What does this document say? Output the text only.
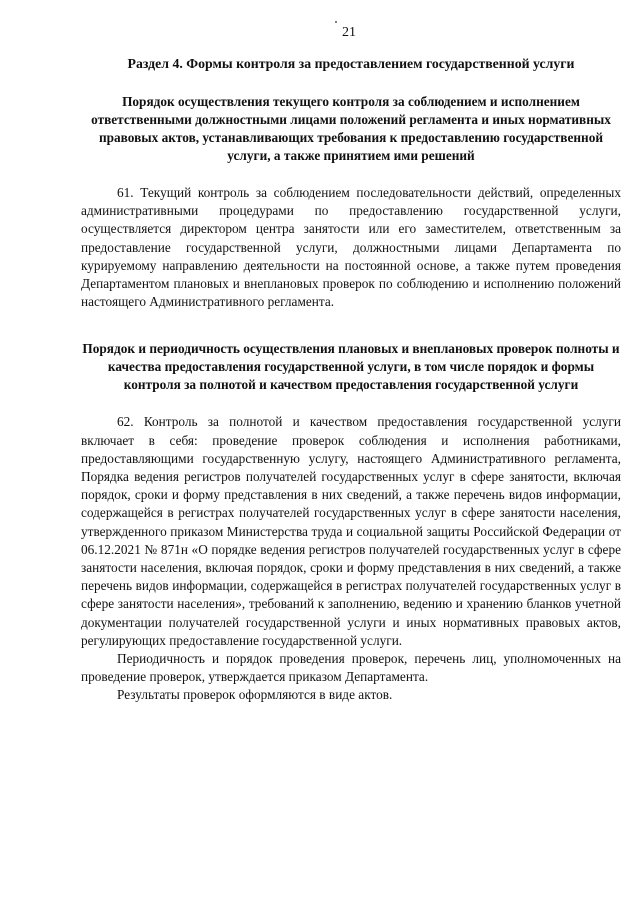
21
Раздел 4. Формы контроля за предоставлением государственной услуги
Порядок осуществления текущего контроля за соблюдением и исполнением ответственными должностными лицами положений регламента и иных нормативных правовых актов, устанавливающих требования к предоставлению государственной услуги, а также принятием ими решений

61. Текущий контроль за соблюдением последовательности действий, определенных административными процедурами по предоставлению государственной услуги, осуществляется директором центра занятости или его заместителем, ответственным за предоставление государственной услуги, должностными лицами Департамента по курируемому направлению деятельности на постоянной основе, а также путем проведения Департаментом плановых и внеплановых проверок по соблюдению и исполнению положений настоящего Административного регламента.

Порядок и периодичность осуществления плановых и внеплановых проверок полноты и качества предоставления государственной услуги, в том числе порядок и формы контроля за полнотой и качеством предоставления государственной услуги

62. Контроль за полнотой и качеством предоставления государственной услуги включает в себя: проведение проверок соблюдения и исполнения работниками, предоставляющими государственную услугу, настоящего Административного регламента, Порядка ведения регистров получателей государственных услуг в сфере занятости, включая порядок, сроки и форму представления в них сведений, а также перечень видов информации, содержащейся в регистрах получателей государственных услуг в сфере занятости населения, утвержденного приказом Министерства труда и социальной защиты Российской Федерации от 06.12.2021 № 871н «О порядке ведения регистров получателей государственных услуг в сфере занятости населения, включая порядок, сроки и форму представления в них сведений, а также перечень видов информации, содержащейся в регистрах получателей государственных услуг в сфере занятости населения», требований к заполнению, ведению и хранению бланков учетной документации получателей государственной услуги и иных нормативных правовых актов, регулирующих предоставление государственной услуги.

Периодичность и порядок проведения проверок, перечень лиц, уполномоченных на проведение проверок, утверждается приказом Департамента.

Результаты проверок оформляются в виде актов.
